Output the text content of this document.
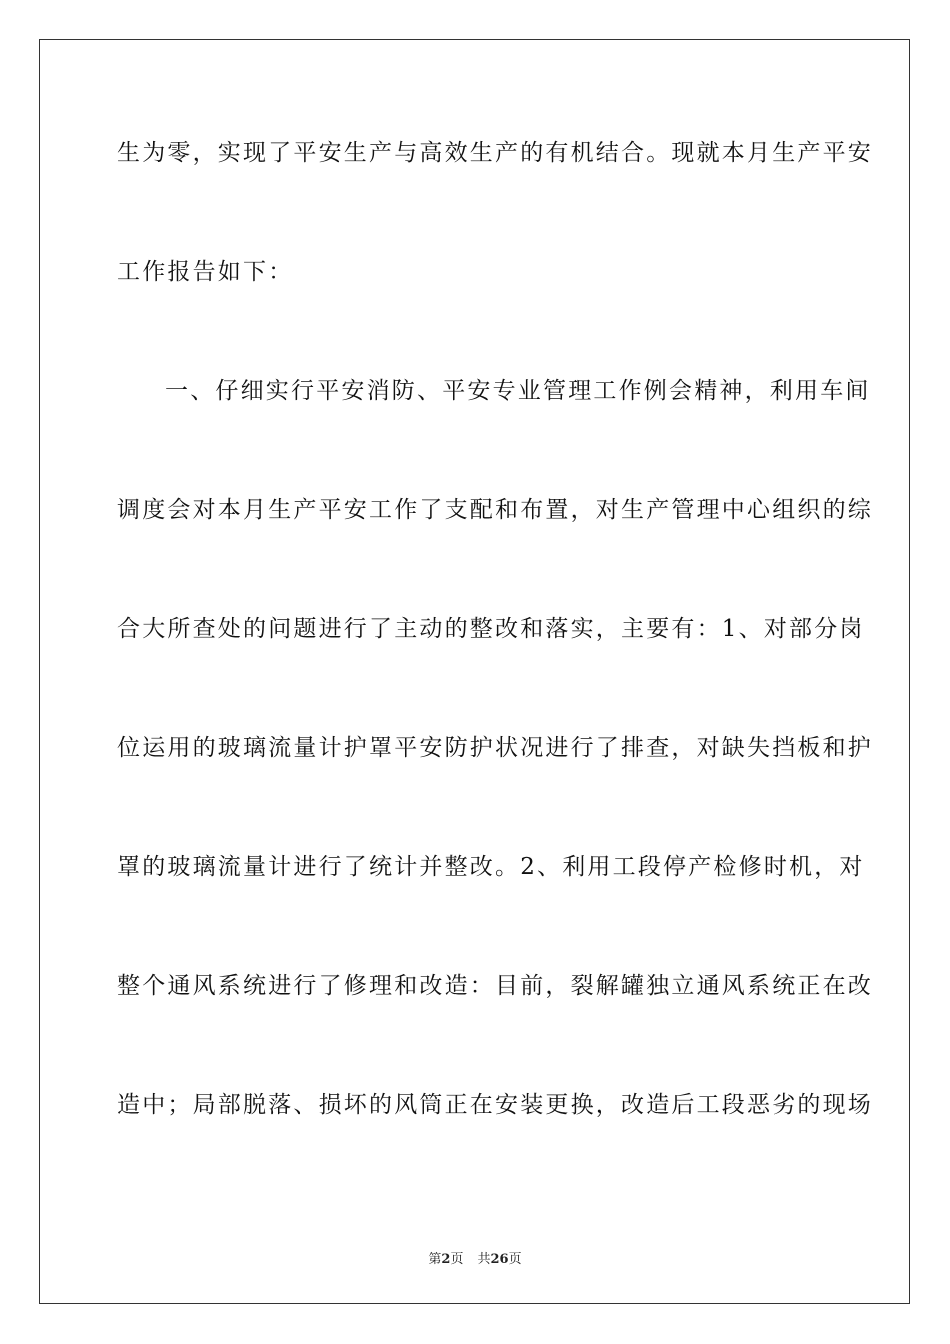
生为零，实现了平安生产与高效生产的有机结合。现就本月生产平安
工作报告如下：
一、仔细实行平安消防、平安专业管理工作例会精神，利用车间
调度会对本月生产平安工作了支配和布置，对生产管理中心组织的综
合大所查处的问题进行了主动的整改和落实，主要有：1、对部分岗
位运用的玻璃流量计护罩平安防护状况进行了排查，对缺失挡板和护
罩的玻璃流量计进行了统计并整改。2、利用工段停产检修时机，对
整个通风系统进行了修理和改造：目前，裂解罐独立通风系统正在改
造中；局部脱落、损坏的风筒正在安装更换，改造后工段恶劣的现场
第2页 共26页
